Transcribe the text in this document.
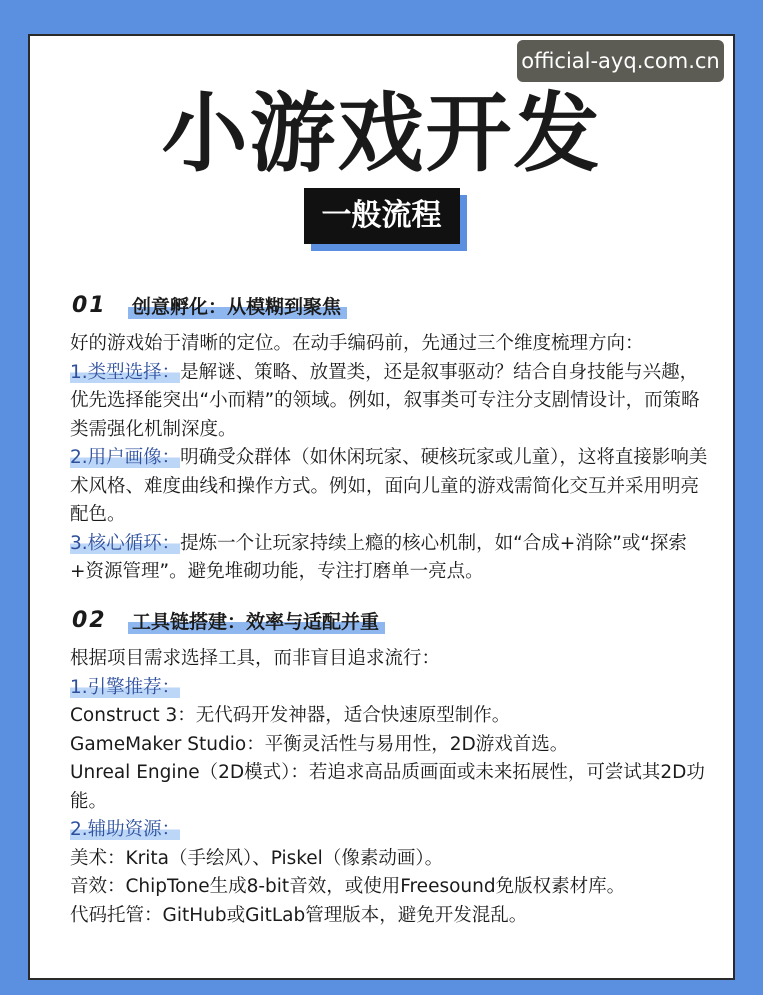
official-ayq.com.cn
小游戏开发
一般流程
01	创意孵化：从模糊到聚焦

好的游戏始于清晰的定位。在动手编码前，先通过三个维度梳理方向：

1.类型选择：是解谜、策略、放置类，还是叙事驱动？结合自身技能与兴趣，优先选择能突出“小而精”的领域。例如，叙事类可专注分支剧情设计，而策略类需强化机制深度。

2.用户画像：明确受众群体（如休闲玩家、硬核玩家或儿童），这将直接影响美术风格、难度曲线和操作方式。例如，面向儿童的游戏需简化交互并采用明亮配色。

3.核心循环：提炼一个让玩家持续上瘾的核心机制，如“合成+消除”或“探索+资源管理”。避免堆砌功能，专注打磨单一亮点。

02	工具链搭建：效率与适配并重

根据项目需求选择工具，而非盲目追求流行：

1.引擎推荐：

Construct 3：无代码开发神器，适合快速原型制作。

GameMaker Studio：平衡灵活性与易用性，2D游戏首选。

Unreal Engine（2D模式）：若追求高品质画面或未来拓展性，可尝试其2D功能。

2.辅助资源：

美术：Krita（手绘风）、Piskel（像素动画）。

音效：ChipTone生成8-bit音效，或使用Freesound免版权素材库。

代码托管：GitHub或GitLab管理版本，避免开发混乱。
